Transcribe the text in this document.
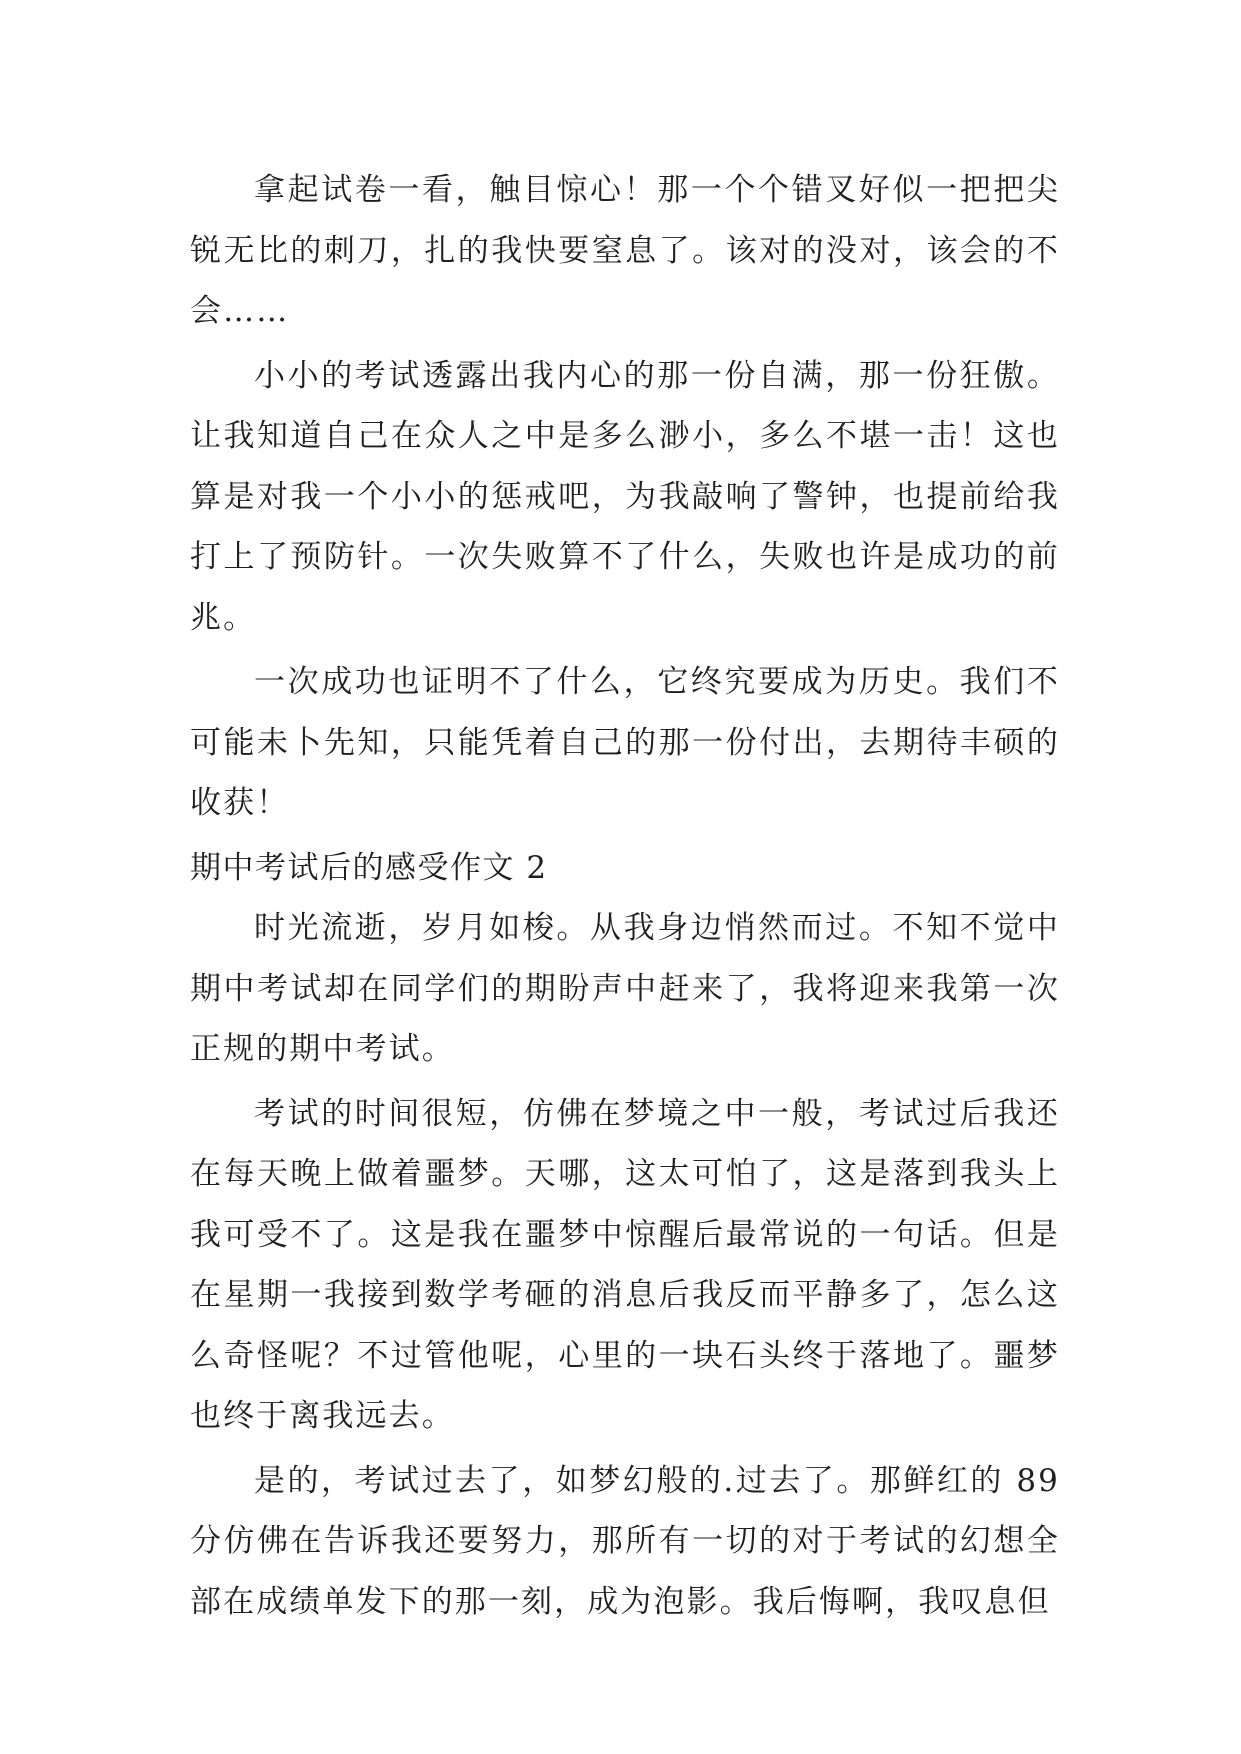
拿起试卷一看，触目惊心！那一个个错叉好似一把把尖锐无比的刺刀，扎的我快要窒息了。该对的没对，该会的不会……

小小的考试透露出我内心的那一份自满，那一份狂傲。让我知道自己在众人之中是多么渺小，多么不堪一击！这也算是对我一个小小的惩戒吧，为我敲响了警钟，也提前给我打上了预防针。一次失败算不了什么，失败也许是成功的前兆。

一次成功也证明不了什么，它终究要成为历史。我们不可能未卜先知，只能凭着自己的那一份付出，去期待丰硕的收获！

期中考试后的感受作文 2

时光流逝，岁月如梭。从我身边悄然而过。不知不觉中期中考试却在同学们的期盼声中赶来了，我将迎来我第一次正规的期中考试。

考试的时间很短，仿佛在梦境之中一般，考试过后我还在每天晚上做着噩梦。天哪，这太可怕了，这是落到我头上我可受不了。这是我在噩梦中惊醒后最常说的一句话。但是在星期一我接到数学考砸的消息后我反而平静多了，怎么这么奇怪呢？不过管他呢，心里的一块石头终于落地了。噩梦也终于离我远去。

是的，考试过去了，如梦幻般的.过去了。那鲜红的 89 分仿佛在告诉我还要努力，那所有一切的对于考试的幻想全部在成绩单发下的那一刻，成为泡影。我后悔啊，我叹息但
